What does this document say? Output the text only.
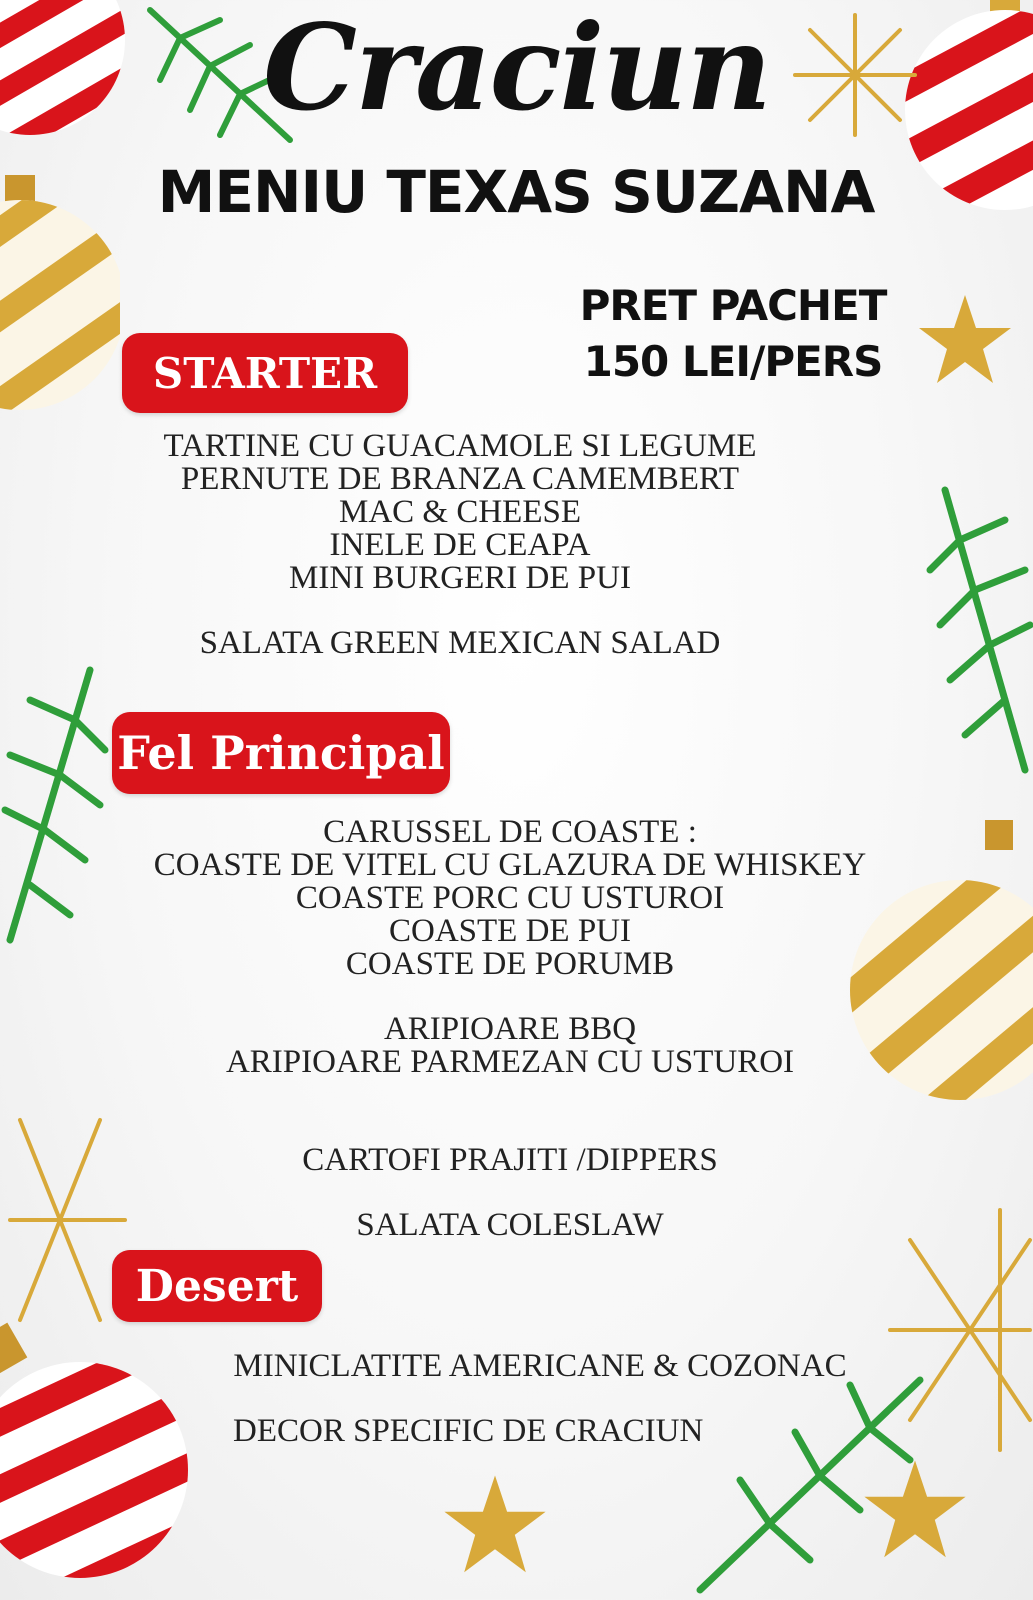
Craciun
MENIU TEXAS SUZANA
PRET PACHET
150 LEI/PERS
STARTER
TARTINE CU GUACAMOLE SI LEGUME
PERNUTE DE BRANZA CAMEMBERT
MAC & CHEESE
INELE DE CEAPA
MINI BURGERI DE PUI
SALATA GREEN MEXICAN SALAD
Fel Principal
CARUSSEL DE COASTE :
COASTE DE VITEL CU GLAZURA DE WHISKEY
COASTE PORC CU USTUROI
COASTE DE PUI
COASTE DE PORUMB
ARIPIOARE BBQ
ARIPIOARE PARMEZAN CU USTUROI
CARTOFI PRAJITI /DIPPERS
SALATA COLESLAW
Desert
MINICLATITE AMERICANE & COZONAC
DECOR SPECIFIC DE CRACIUN
